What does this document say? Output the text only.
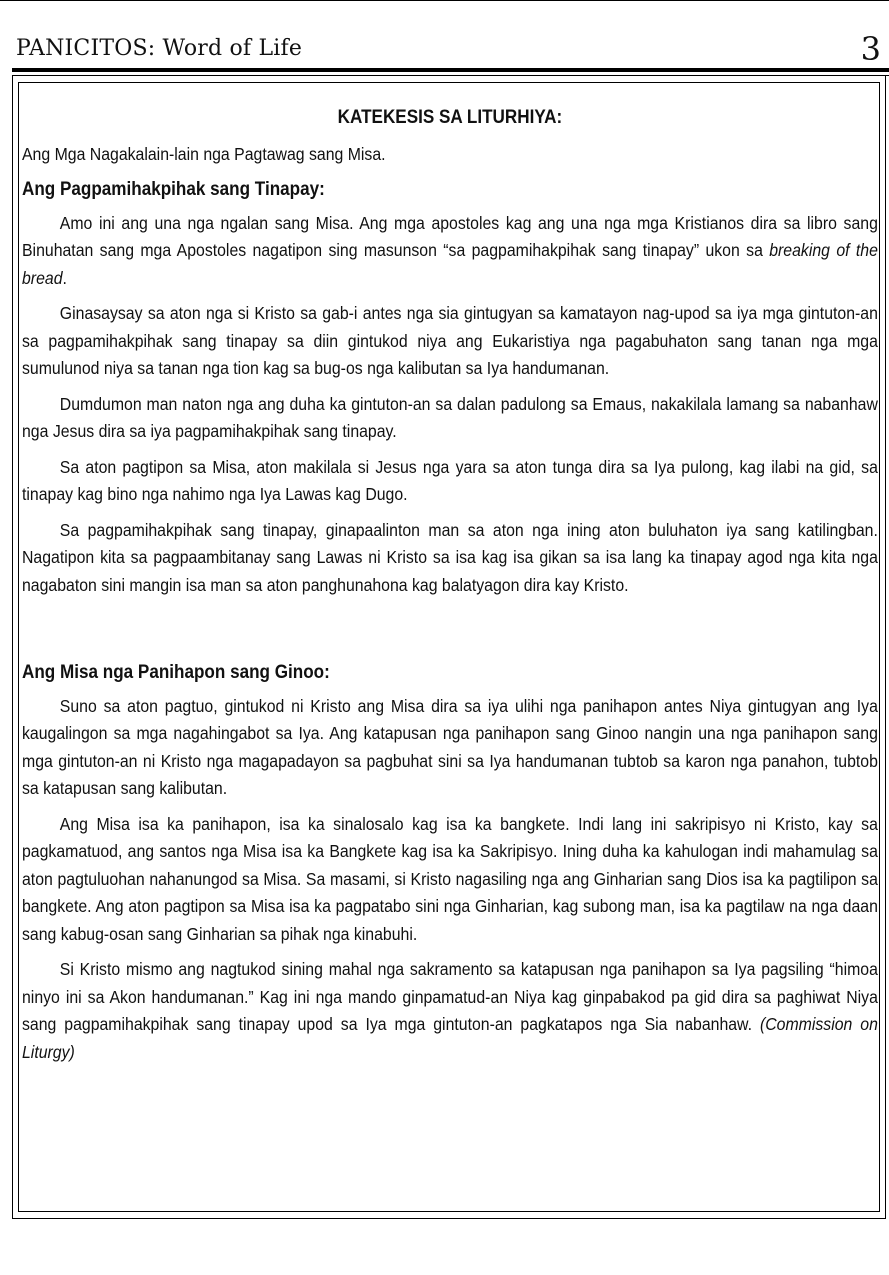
PANICITOS: Word of Life	3

KATEKESIS SA LITURHIYA:

Ang Mga Nagakalain-lain nga Pagtawag sang Misa.

Ang Pagpamihakpihak sang Tinapay:

Amo ini ang una nga ngalan sang Misa. Ang mga apostoles kag ang una nga mga Kristianos dira sa libro sang Binuhatan sang mga Apostoles nagatipon sing masunson “sa pagpamihakpihak sang tinapay” ukon sa breaking of the bread.

Ginasaysay sa aton nga si Kristo sa gab-i antes nga sia gintugyan sa kamatayon nag-upod sa iya mga gintuton-an sa pagpamihakpihak sang tinapay sa diin gintukod niya ang Eukaristiya nga pagabuhaton sang tanan nga mga sumulunod niya sa tanan nga tion kag sa bug-os nga kalibutan sa Iya handumanan.

Dumdumon man naton nga ang duha ka gintuton-an sa dalan padulong sa Emaus, nakakilala lamang sa nabanhaw nga Jesus dira sa iya pagpamihakpihak sang tinapay.

Sa aton pagtipon sa Misa, aton makilala si Jesus nga yara sa aton tunga dira sa Iya pulong, kag ilabi na gid, sa tinapay kag bino nga nahimo nga Iya Lawas kag Dugo.

Sa pagpamihakpihak sang tinapay, ginapaalinton man sa aton nga ining aton buluhaton iya sang katilingban. Nagatipon kita sa pagpaambitanay sang Lawas ni Kristo sa isa kag isa gikan sa isa lang ka tinapay agod nga kita nga nagabaton sini mangin isa man sa aton panghunahona kag balatyagon dira kay Kristo.

Ang Misa nga Panihapon sang Ginoo:

Suno sa aton pagtuo, gintukod ni Kristo ang Misa dira sa iya ulihi nga panihapon antes Niya gintugyan ang Iya kaugalingon sa mga nagahingabot sa Iya. Ang katapusan nga panihapon sang Ginoo nangin una nga panihapon sang mga gintuton-an ni Kristo nga magapadayon sa pagbuhat sini sa Iya handumanan tubtob sa karon nga panahon, tubtob sa katapusan sang kalibutan.

Ang Misa isa ka panihapon, isa ka sinalosalo kag isa ka bangkete. Indi lang ini sakripisyo ni Kristo, kay sa pagkamatuod, ang santos nga Misa isa ka Bangkete kag isa ka Sakripisyo. Ining duha ka kahulogan indi mahamulag sa aton pagtuluohan nahanungod sa Misa. Sa masami, si Kristo nagasiling nga ang Ginharian sang Dios isa ka pagtilipon sa bangkete. Ang aton pagtipon sa Misa isa ka pagpatabo sini nga Ginharian, kag subong man, isa ka pagtilaw na nga daan sang kabug-osan sang Ginharian sa pihak nga kinabuhi.

Si Kristo mismo ang nagtukod sining mahal nga sakramento sa katapusan nga panihapon sa Iya pagsiling “himoa ninyo ini sa Akon handumanan.” Kag ini nga mando ginpamatud-an Niya kag ginpabakod pa gid dira sa paghiwat Niya sang pagpamihakpihak sang tinapay upod sa Iya mga gintuton-an pagkatapos nga Sia nabanhaw. (Commission on Liturgy)
